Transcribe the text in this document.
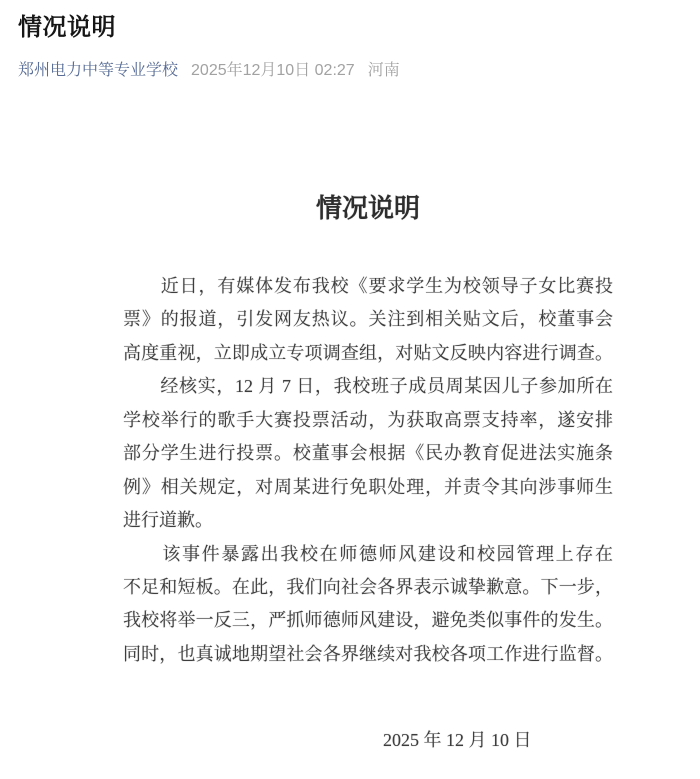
情况说明
郑州电力中等专业学校 2025年12月10日 02:27 河南
情况说明
　　近日，有媒体发布我校《要求学生为校领导子女比赛投
票》的报道，引发网友热议。关注到相关贴文后，校董事会
高度重视，立即成立专项调查组，对贴文反映内容进行调查。
　　经核实，12 月 7 日，我校班子成员周某因儿子参加所在
学校举行的歌手大赛投票活动，为获取高票支持率，遂安排
部分学生进行投票。校董事会根据《民办教育促进法实施条
例》相关规定，对周某进行免职处理，并责令其向涉事师生
进行道歉。
　　该事件暴露出我校在师德师风建设和校园管理上存在
不足和短板。在此，我们向社会各界表示诚挚歉意。下一步，
我校将举一反三，严抓师德师风建设，避免类似事件的发生。
同时，也真诚地期望社会各界继续对我校各项工作进行监督。
2025 年 12 月 10 日
